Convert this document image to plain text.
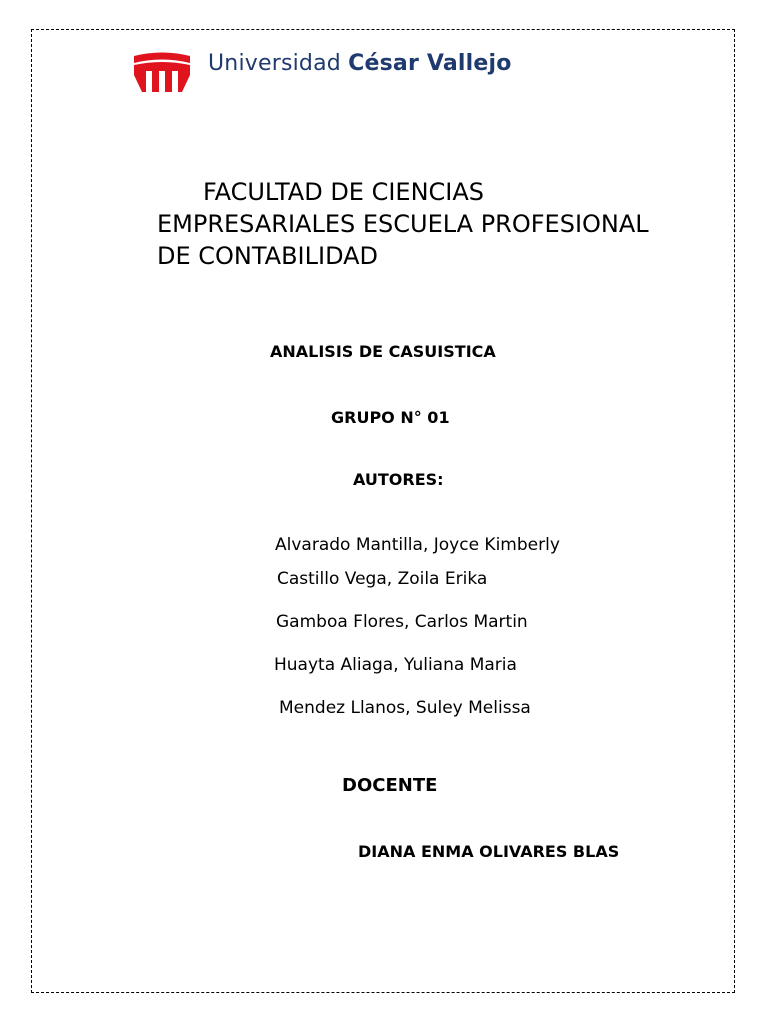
Universidad César Vallejo
FACULTAD DE CIENCIAS
EMPRESARIALES ESCUELA PROFESIONAL
DE CONTABILIDAD
ANALISIS DE CASUISTICA
GRUPO N° 01
AUTORES:
Alvarado Mantilla, Joyce Kimberly
Castillo Vega, Zoila Erika
Gamboa Flores, Carlos Martin
Huayta Aliaga, Yuliana Maria
Mendez Llanos, Suley Melissa
DOCENTE
DIANA ENMA OLIVARES BLAS
